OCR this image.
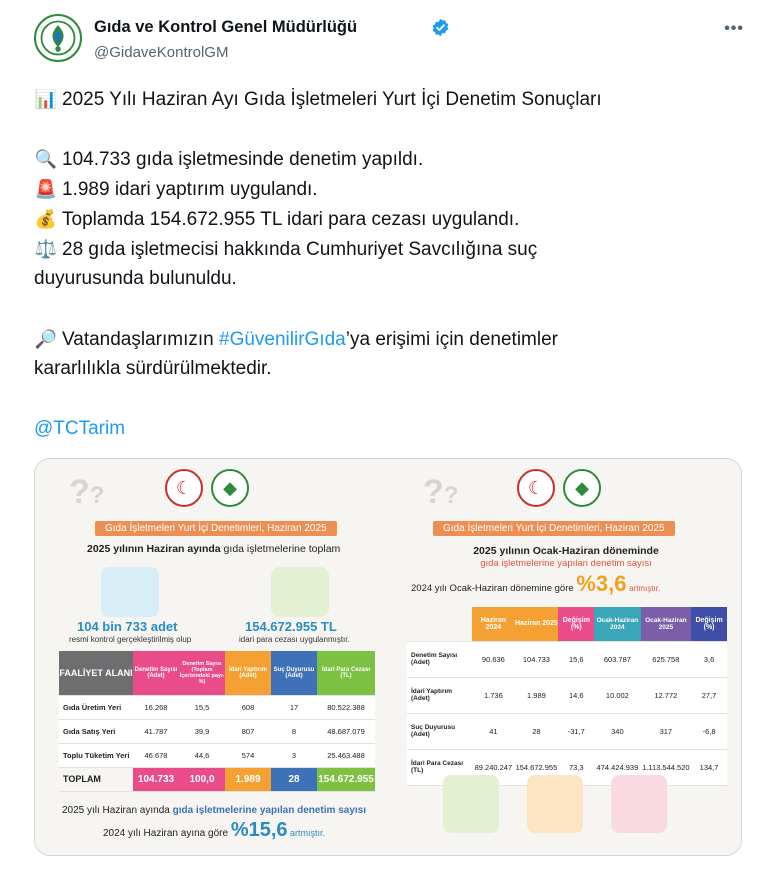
Gıda ve Kontrol Genel Müdürlüğü
@GidaveKontrolGM
•••
📊 2025 Yılı Haziran Ayı Gıda İşletmeleri Yurt İçi Denetim Sonuçları
🔍 104.733 gıda işletmesinde denetim yapıldı.
🚨 1.989 idari yaptırım uygulandı.
💰 Toplamda 154.672.955 TL idari para cezası uygulandı.
⚖️ 28 gıda işletmecisi hakkında Cumhuriyet Savcılığına suç
duyurusunda bulunuldu.
🔎 Vatandaşlarımızın #GüvenilirGıda’ya erişimi için denetimler
kararlılıkla sürdürülmektedir.
@TCTarim
??	☾ ◆
Gıda İşletmeleri Yurt İçi Denetimleri, Haziran 2025
2025 yılının Haziran ayında gıda işletmelerine toplam
104 bin 733 adet
resmi kontrol gerçekleştirilmiş olup
154.672.955 TL
idari para cezası uygulanmıştır.
FAALİYET ALANI	Denetim Sayısı (Adet)	Denetim Sayısı (Toplam İçerisindeki payı-%)	İdari Yaptırım (Adet)	Suç Duyurusu (Adet)	İdari Para Cezası (TL)
Gıda Üretim Yeri	16.268	15,5	608	17	80.522.388
Gıda Satış Yeri	41.787	39,9	807	8	48.687.079
Toplu Tüketim Yeri	46.678	44,6	574	3	25.463.488
TOPLAM	104.733	100,0	1.989	28	154.672.955
2025 yılı Haziran ayında gıda işletmelerine yapılan denetim sayısı
2024 yılı Haziran ayına göre %15,6 artmıştır.
??	☾ ◆
Gıda İşletmeleri Yurt İçi Denetimleri, Haziran 2025
2025 yılının Ocak-Haziran döneminde
gıda işletmelerine yapılan denetim sayısı
2024 yılı Ocak-Haziran dönemine göre %3,6 artmıştır.
	Haziran 2024	Haziran 2025	Değişim (%)	Ocak-Haziran 2024	Ocak-Haziran 2025	Değişim (%)
Denetim Sayısı (Adet)	90.636	104.733	15,6	603.787	625.758	3,6
İdari Yaptırım (Adet)	1.736	1.989	14,6	10.002	12.772	27,7
Suç Duyurusu (Adet)	41	28	-31,7	340	317	-6,8
İdari Para Cezası (TL)	89.240.247	154.672.955	73,3	474.424.939	1.113.544.520	134,7
